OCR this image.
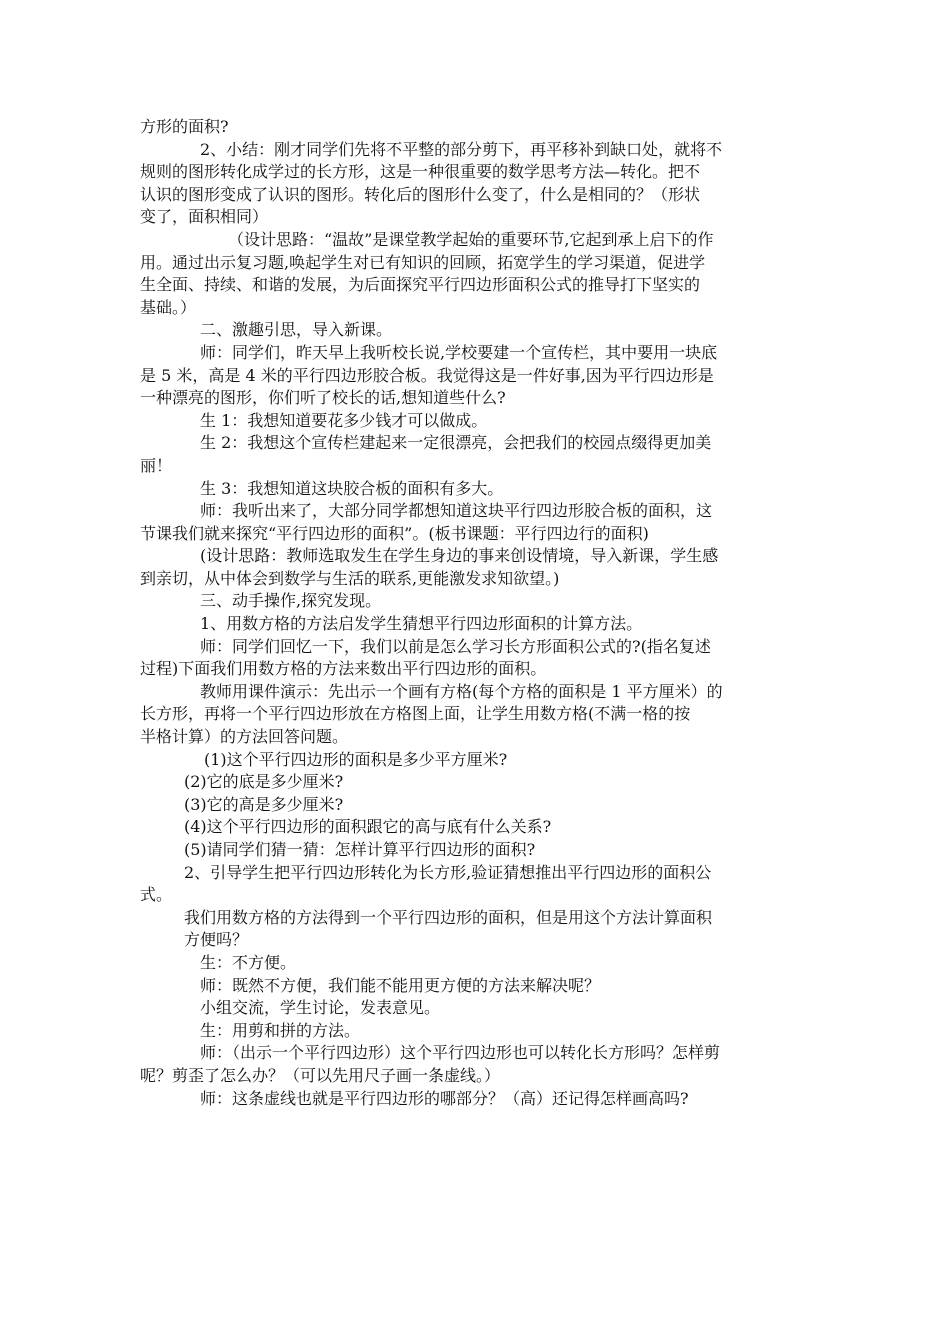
方形的面积?
2、小结：刚才同学们先将不平整的部分剪下，再平移补到缺口处，就将不
规则的图形转化成学过的长方形，这是一种很重要的数学思考方法—转化。把不
认识的图形变成了认识的图形。转化后的图形什么变了，什么是相同的？（形状
变了，面积相同）
（设计思路：“温故”是课堂教学起始的重要环节,它起到承上启下的作
用。通过出示复习题,唤起学生对已有知识的回顾，拓宽学生的学习渠道，促进学
生全面、持续、和谐的发展，为后面探究平行四边形面积公式的推导打下坚实的
基础。）
二、激趣引思，导入新课。
师：同学们，昨天早上我听校长说,学校要建一个宣传栏，其中要用一块底
是 5 米，高是 4 米的平行四边形胶合板。我觉得这是一件好事,因为平行四边形是
一种漂亮的图形，你们听了校长的话,想知道些什么?
生 1：我想知道要花多少钱才可以做成。
生 2：我想这个宣传栏建起来一定很漂亮，会把我们的校园点缀得更加美
丽！
生 3：我想知道这块胶合板的面积有多大。
师：我听出来了，大部分同学都想知道这块平行四边形胶合板的面积，这
节课我们就来探究“平行四边形的面积”。(板书课题：平行四边行的面积)
(设计思路：教师选取发生在学生身边的事来创设情境，导入新课，学生感
到亲切，从中体会到数学与生活的联系,更能激发求知欲望。)
三、动手操作,探究发现。
1、用数方格的方法启发学生猜想平行四边形面积的计算方法。
师：同学们回忆一下，我们以前是怎么学习长方形面积公式的?(指名复述
过程)下面我们用数方格的方法来数出平行四边形的面积。
教师用课件演示：先出示一个画有方格(每个方格的面积是 1 平方厘米）的
长方形，再将一个平行四边形放在方格图上面，让学生用数方格(不满一格的按
半格计算）的方法回答问题。
(1)这个平行四边形的面积是多少平方厘米?
(2)它的底是多少厘米?
(3)它的高是多少厘米?
(4)这个平行四边形的面积跟它的高与底有什么关系?
(5)请同学们猜一猜：怎样计算平行四边形的面积?
2、引导学生把平行四边形转化为长方形,验证猜想推出平行四边形的面积公
式。
我们用数方格的方法得到一个平行四边形的面积，但是用这个方法计算面积
方便吗？
生：不方便。
师：既然不方便，我们能不能用更方便的方法来解决呢？
小组交流，学生讨论，发表意见。
生：用剪和拼的方法。
师：（出示一个平行四边形）这个平行四边形也可以转化长方形吗？怎样剪
呢？剪歪了怎么办？（可以先用尺子画一条虚线。）
师：这条虚线也就是平行四边形的哪部分？（高）还记得怎样画高吗?
